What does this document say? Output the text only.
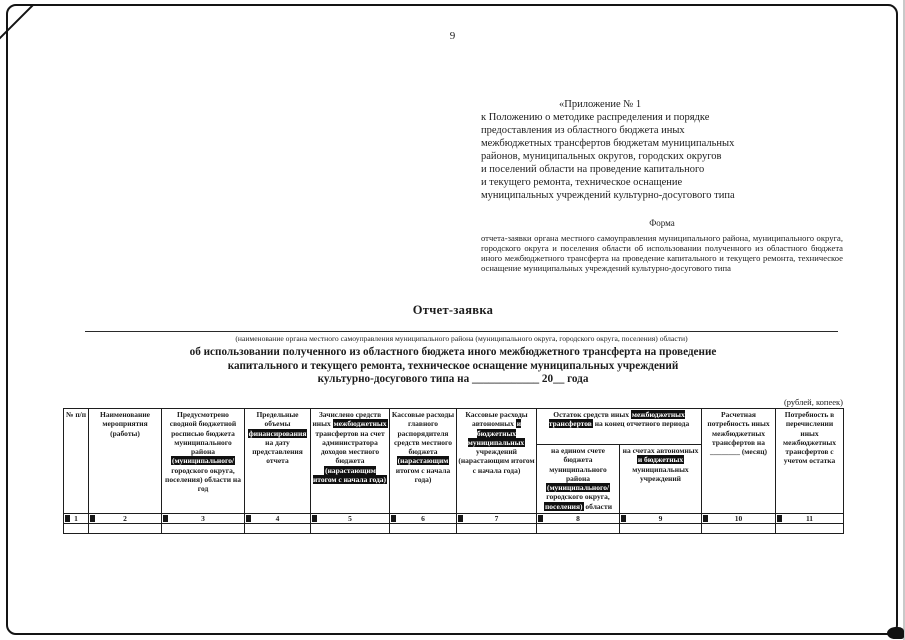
9
«Приложение № 1
к Положению о методике распределения и порядке
предоставления из областного бюджета иных
межбюджетных трансфертов бюджетам муниципальных
районов, муниципальных округов, городских округов
и поселений области на проведение капитального
и текущего ремонта, техническое оснащение
муниципальных учреждений культурно-досугового типа
Форма
отчета-заявки органа местного самоуправления муниципального района, муниципального округа, городского округа и поселения области об использовании полученного из областного бюджета иного межбюджетного трансферта на проведение капитального и текущего ремонта, техническое оснащение муниципальных учреждений культурно-досугового типа
Отчет-заявка
(наименование органа местного самоуправления муниципального района (муниципального округа, городского округа, поселения) области)
об использовании полученного из областного бюджета иного межбюджетного трансферта на проведение
капитального и текущего ремонта, техническое оснащение муниципальных учреждений
культурно-досугового типа на ____________ 20__ года
(рублей, копеек)
№ п/п	Наименование мероприятия (работы)	Предусмотрено сводной бюджетной росписью бюджета муниципального района (муниципального/ городского округа, поселения) области на год	Предельные объемы финансирования на дату представления отчета	Зачислено средств иных межбюджетных трансфертов на счет администратора доходов местного бюджета (нарастающим итогом с начала года)	Кассовые расходы главного распорядителя средств местного бюджета (нарастающим итогом с начала года)	Кассовые расходы автономных и бюджетных муниципальных учреждений (нарастающим итогом с начала года)	Остаток средств иных межбюджетных трансфертов на конец отчетного периода		Расчетная потребность иных межбюджетных трансфертов на ________ (месяц)	Потребность в перечислении иных межбюджетных трансфертов с учетом остатка
							на едином счете бюджета муниципального района (муниципального/ городского округа, поселения) области	на счетах автономных и бюджетных муниципальных учреждений		
1	2	3	4	5	6	7	8	9	10	11
